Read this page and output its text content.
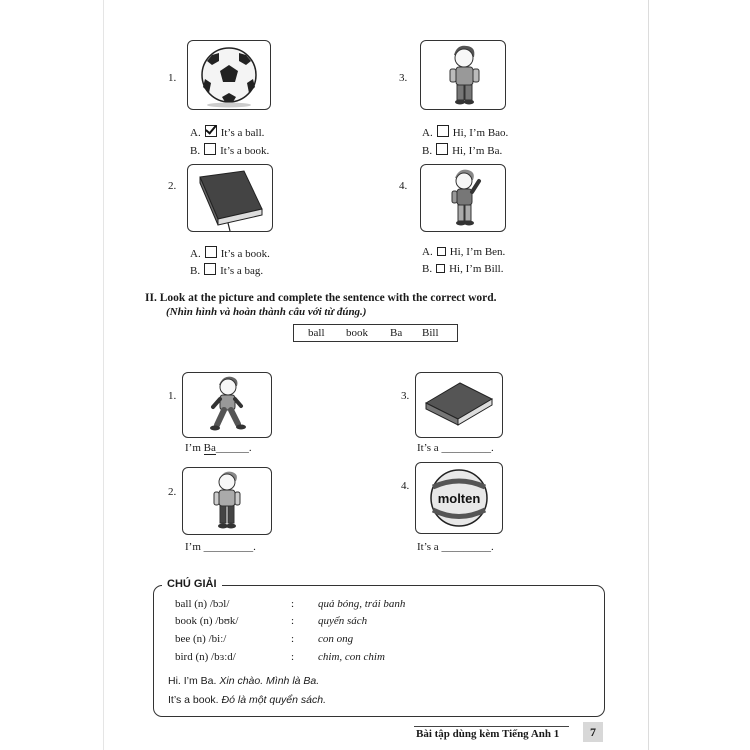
1.
A. It’s a ball.
B. It’s a book.
3.
A. Hi, I’m Bao.
B. Hi, I’m Ba.
2.
A. It’s a book.
B. It’s a bag.
4.
A. Hi, I’m Ben.
B. Hi, I’m Bill.
II. Look at the picture and complete the sentence with the correct word.
(Nhìn hình và hoàn thành câu với từ đúng.)
ball book Ba Bill
1.
I’m Ba______.
3.
It’s a _________.
2.
I’m _________.
4.
molten
It’s a _________.
CHÚ GIẢI
ball (n) /bɔl/	: quả bóng, trái banh
book (n) /bʊk/	: quyển sách
bee (n) /biː/	: con ong
bird (n) /bɜːd/	: chim, con chim
Hi. I’m Ba. Xin chào. Mình là Ba.
It’s a book. Đó là một quyển sách.
Bài tập dùng kèm Tiếng Anh 1	7
